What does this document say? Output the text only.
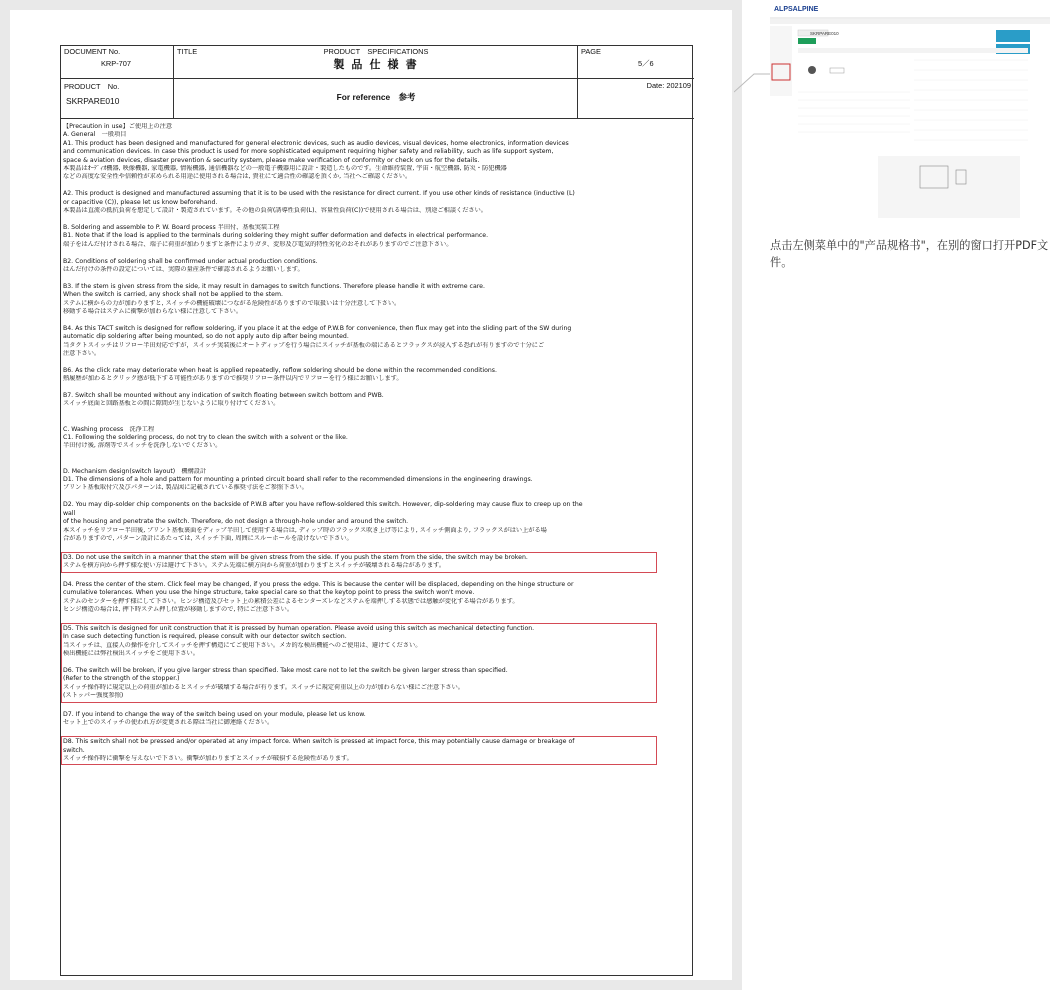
DOCUMENT No.
KRP-707
TITLE	PRODUCT　SPECIFICATIONS
製 品 仕 様 書
PAGE
5／6
PRODUCT　No.
SKRPARE010	For reference　参考
Date: 202109
【Precaution in use】ご使用上の注意
A. General　一般項目
A1. This product has been designed and manufactured for general electronic devices, such as audio devices, visual devices, home electronics, information devices
and communication devices. In case this product is used for more sophisticated equipment requiring higher safety and reliability, such as life support system,
space & aviation devices, disaster prevention & security system, please make verification of conformity or check on us for the details.
本製品はｵｰﾃﾞｨｵ機器, 映像機器, 家電機器, 情報機器, 通信機器などの一般電子機器用に設計・製造したものです。生命維持装置, 宇宙・航空機器, 防災・防犯機器
などの高度な安全性や信頼性が求められる用途に使用される場合は, 貴社にて適合性の確認を頂くか, 当社へご確認ください。

A2. This product is designed and manufactured assuming that it is to be used with the resistance for direct current. If you use other kinds of resistance (inductive (L)
or capacitive (C)), please let us know beforehand.
本製品は直流の抵抗負荷を想定して設計・製造されています。その他の負荷(誘導性負荷(L)、容量性負荷(C))で使用される場合は、別途ご相談ください。

B. Soldering and assemble to P. W. Board process 半田付、基板実装工程
B1. Note that if the load is applied to the terminals during soldering they might suffer deformation and defects in electrical performance.
端子をはんだ付けされる場合、端子に荷重が加わりますと条件によりガタ、変形及び電気的特性劣化のおそれがありますのでご注意下さい。

B2. Conditions of soldering shall be confirmed under actual production conditions.
はんだ付けの条件の設定については、実際の量産条件で確認されるようお願いします。

B3. If the stem is given stress from the side, it may result in damages to switch functions. Therefore please handle it with extreme care.
When the switch is carried, any shock shall not be applied to the stem.
ステムに横からの力が加わりますと, スイッチの機能破壊につながる危険性がありますので取扱いは十分注意して下さい。
移動する場合はステムに衝撃が加わらない様に注意して下さい。

B4. As this TACT switch is designed for reflow soldering, if you place it at the edge of P.W.B for convenience, then flux may get into the sliding part of the SW during
automatic dip soldering after being mounted, so do not apply auto dip after being mounted.
当タクトスイッチはリフロー半田対応ですが，スイッチ実装後にオートディップを行う場合にスイッチが基板の端にあるとフラックスが浸入する恐れが有りますので十分にご
注意下さい。

B6. As the click rate may deteriorate when heat is applied repeatedly, reflow soldering should be done within the recommended conditions.
熱履歴が加わるとクリック感が低下する可能性がありますので推奨リフロー条件以内でリフローを行う様にお願いします。

B7. Switch shall be mounted without any indication of switch floating between switch bottom and PWB.
スイッチ底面と回路基板との間に隙間が生じないように取り付けてください。

C. Washing process　洗浄工程
C1. Following the soldering process, do not try to clean the switch with a solvent or the like.
半田付け後, 溶剤等でスイッチを洗浄しないでください。

D. Mechanism design(switch layout)　機構設計
D1. The dimensions of a hole and pattern for mounting a printed circuit board shall refer to the recommended dimensions in the engineering drawings.
プリント基板取付穴及びパターンは, 製品図に記載されている推奨寸法をご参照下さい。

D2. You may dip-solder chip components on the backside of P.W.B after you have reflow-soldered this switch. However, dip-soldering may cause flux to creep up on the
wall
of the housing and penetrate the switch. Therefore, do not design a through-hole under and around the switch.
本スイッチをリフロー半田後, プリント基板裏面をディップ半田して使用する場合は, ディップ時のフラックス吹き上げ等により, スイッチ側面より, フラックスがはい上がる場
合がありますので, パターン設計にあたっては, スイッチ下面, 周囲にスルーホールを設けないで下さい。

D3. Do not use the switch in a manner that the stem will be given stress from the side. If you push the stem from the side, the switch may be broken.
ステムを横方向から押す様な使い方は避けて下さい。ステム先端に横方向から荷重が加わりますとスイッチが破壊される場合があります。

D4. Press the center of the stem. Click feel may be changed, if you press the edge. This is because the center will be displaced, depending on the hinge structure or
cumulative tolerances. When you use the hinge structure, take special care so that the keytop point to press the switch won't move.
ステムのセンターを押す様にして下さい。ヒンジ構造及びセット上の累積公差によるセンターズレなどステムを端押しする状態では感触が変化する場合があります。
ヒンジ構造の場合は, 押下時ステム押し位置が移動しますので, 特にご注意下さい。

D5. This switch is designed for unit construction that it is pressed by human operation. Please avoid using this switch as mechanical detecting function.
In case such detecting function is required, please consult with our detector switch section.
当スイッチは、直接人の操作を介してスイッチを押す構造にてご使用下さい。メカ的な検出機能へのご使用は、避けてください。
検出機能には弊社検出スイッチをご使用下さい。

D6. The switch will be broken, if you give larger stress than specified. Take most care not to let the switch be given larger stress than specified.
(Refer to the strength of the stopper.)
スイッチ操作時に規定以上の荷重が加わるとスイッチが破壊する場合が有ります。スイッチに規定荷重以上の力が加わらない様にご注意下さい。
(ストッパー強度参照)

D7. If you intend to change the way of the switch being used on your module, please let us know.
セット上でのスイッチの使われ方が変更される際は当社に御連絡ください。

D8. This switch shall not be pressed and/or operated at any impact force. When switch is pressed at impact force, this may potentially cause damage or breakage of
switch.
スイッチ操作時に衝撃を与えないで下さい。衝撃が加わりますとスイッチが破損する危険性があります。
ALPSALPINE
SKRPARE010
点击左侧菜单中的"产品规格书"，在别的窗口打开PDF文件。
